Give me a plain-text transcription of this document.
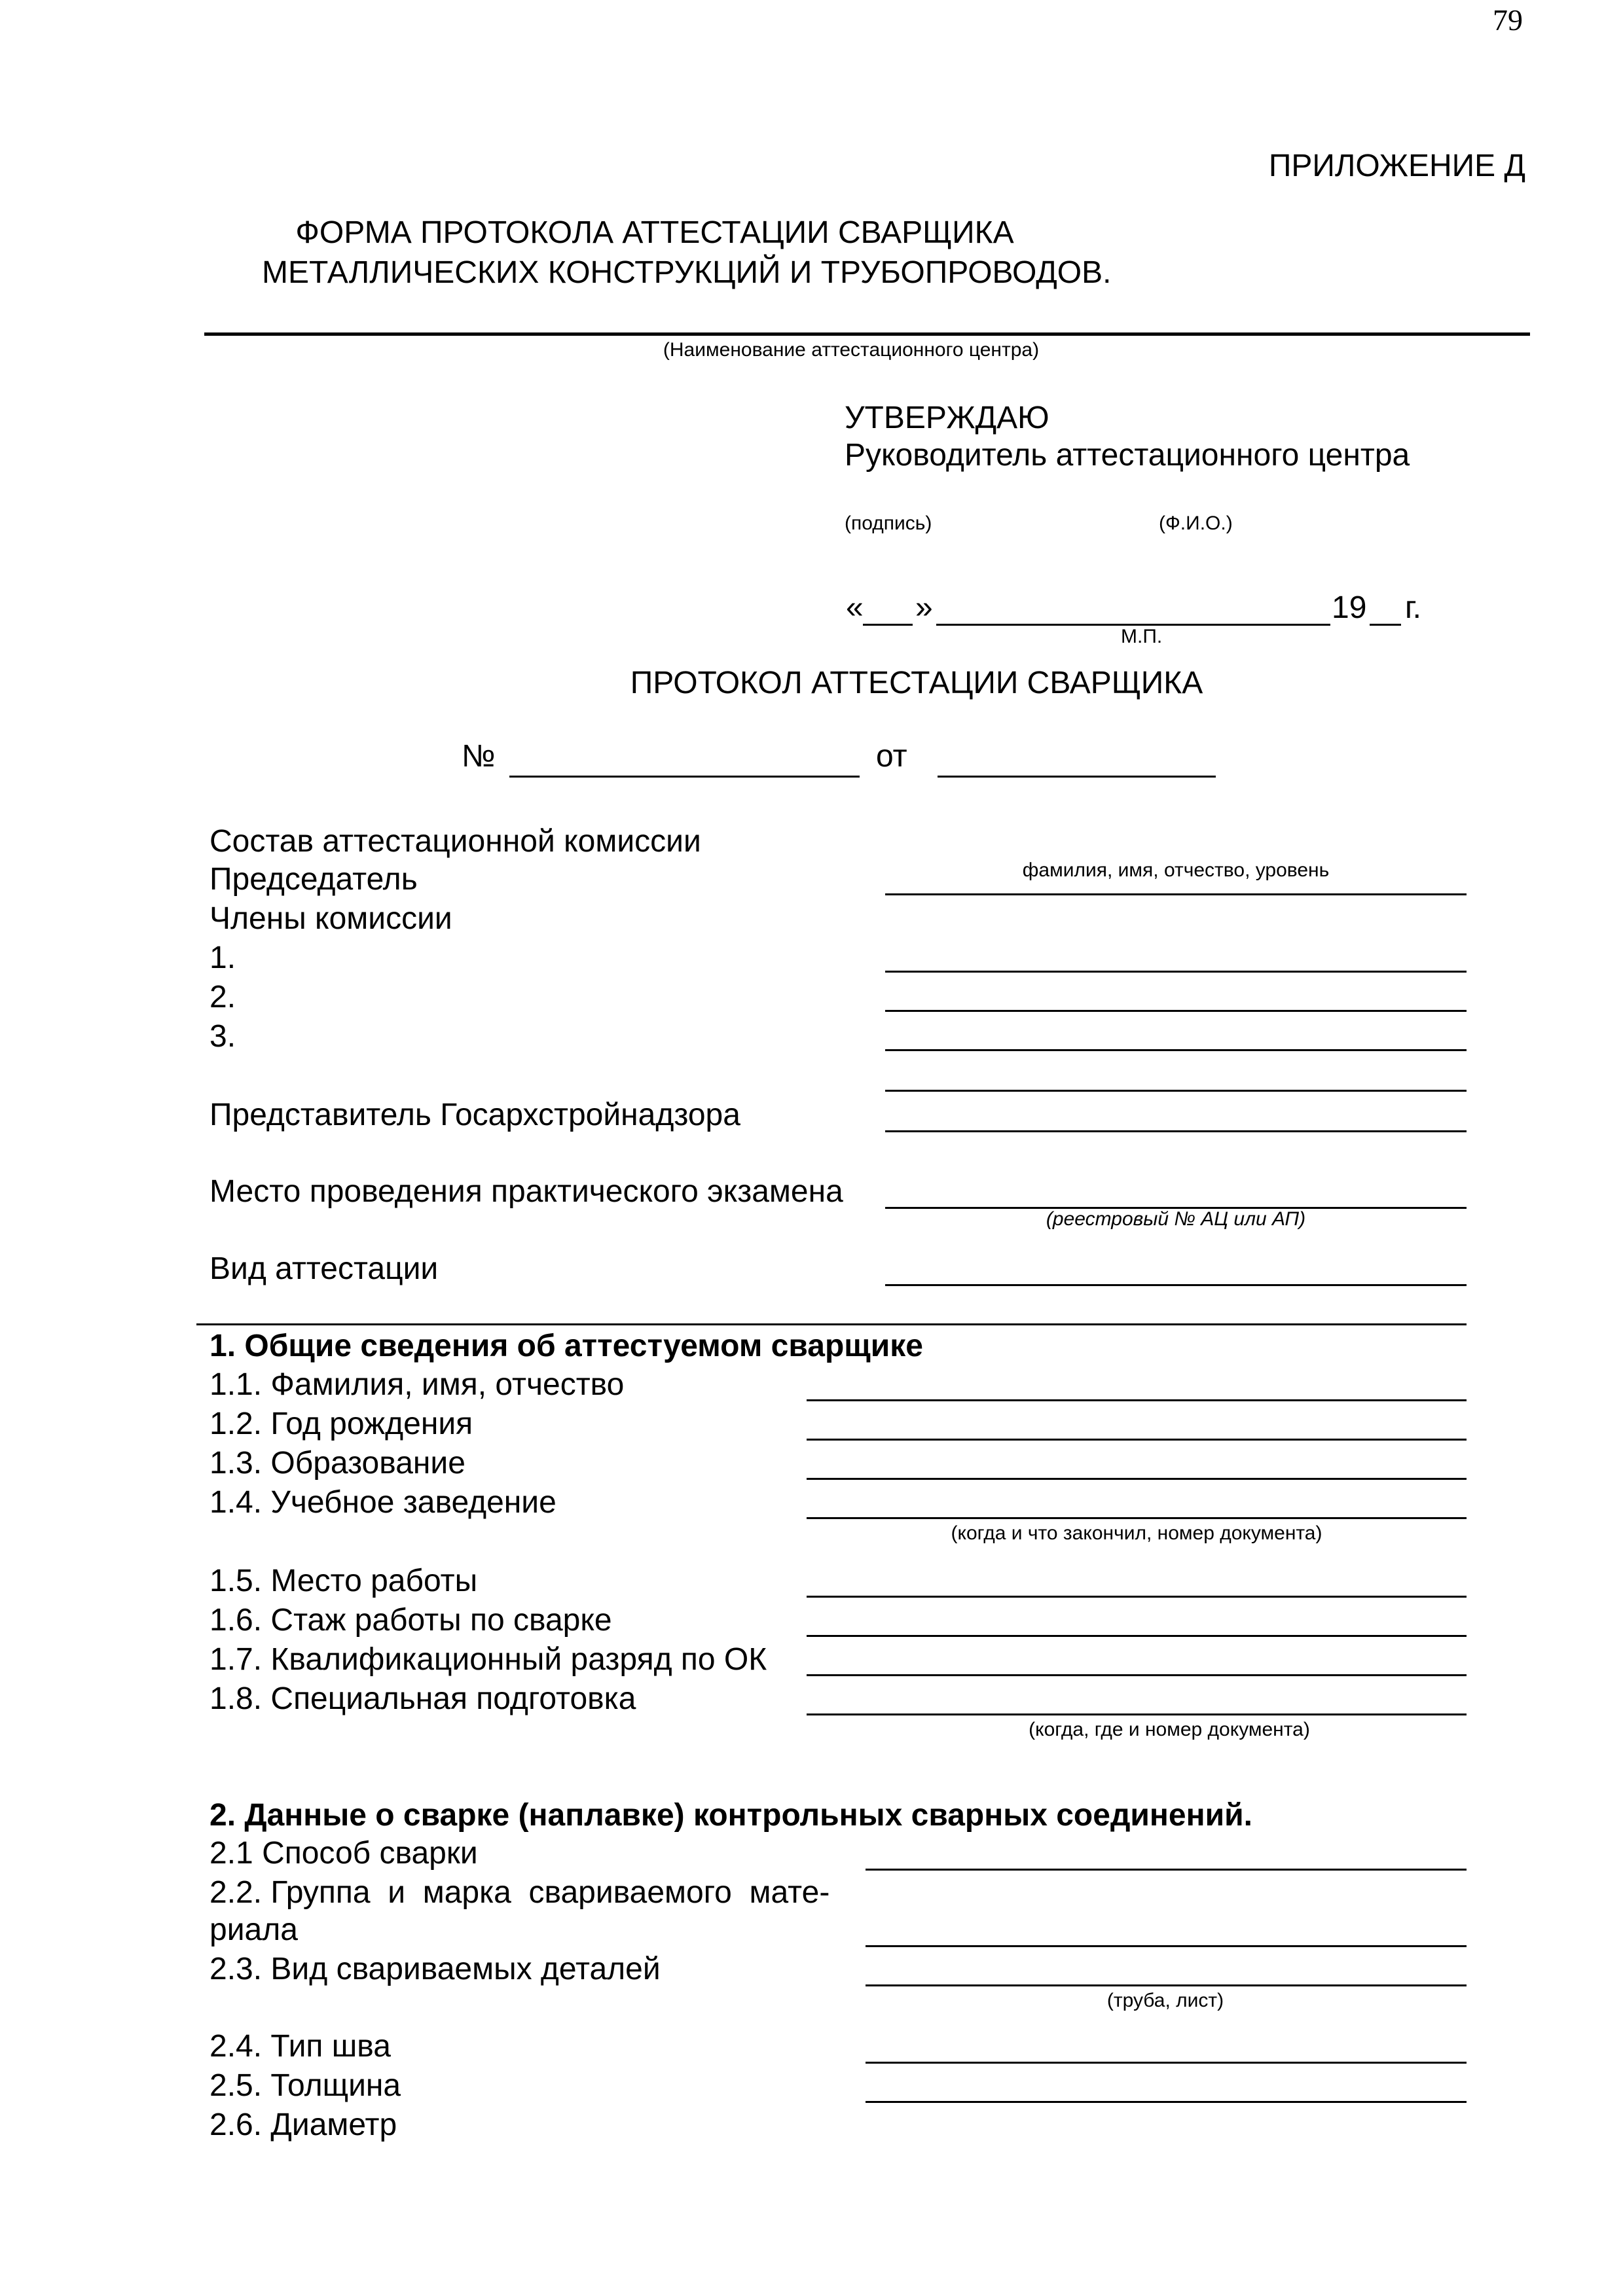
79
ПРИЛОЖЕНИЕ Д
ФОРМА ПРОТОКОЛА АТТЕСТАЦИИ СВАРЩИКА
МЕТАЛЛИЧЕСКИХ КОНСТРУКЦИЙ И ТРУБОПРОВОДОВ.
(Наименование аттестационного центра)
УТВЕРЖДАЮ
Руководитель аттестационного центра
(подпись)	(Ф.И.О.)
« »	19 г.
М.П.
ПРОТОКОЛ АТТЕСТАЦИИ СВАРЩИКА
№	от
Состав аттестационной комиссии
Председатель	фамилия, имя, отчество, уровень
Члены комиссии
1.
2.
3.
Представитель Госархстройнадзора
Место проведения практического экзамена
(реестровый № АЦ или АП)
Вид аттестации
1. Общие сведения об аттестуемом сварщике
1.1. Фамилия, имя, отчество
1.2. Год рождения
1.3. Образование
1.4. Учебное заведение
(когда и что закончил, номер документа)
1.5. Место работы
1.6. Стаж работы по сварке
1.7. Квалификационный разряд по ОК
1.8. Специальная подготовка
(когда, где и номер документа)
2. Данные о сварке (наплавке) контрольных сварных соединений.
2.1 Способ сварки
2.2. Группа  и  марка  свариваемого  мате-
риала
2.3. Вид свариваемых деталей
(труба, лист)
2.4. Тип шва
2.5. Толщина
2.6. Диаметр
